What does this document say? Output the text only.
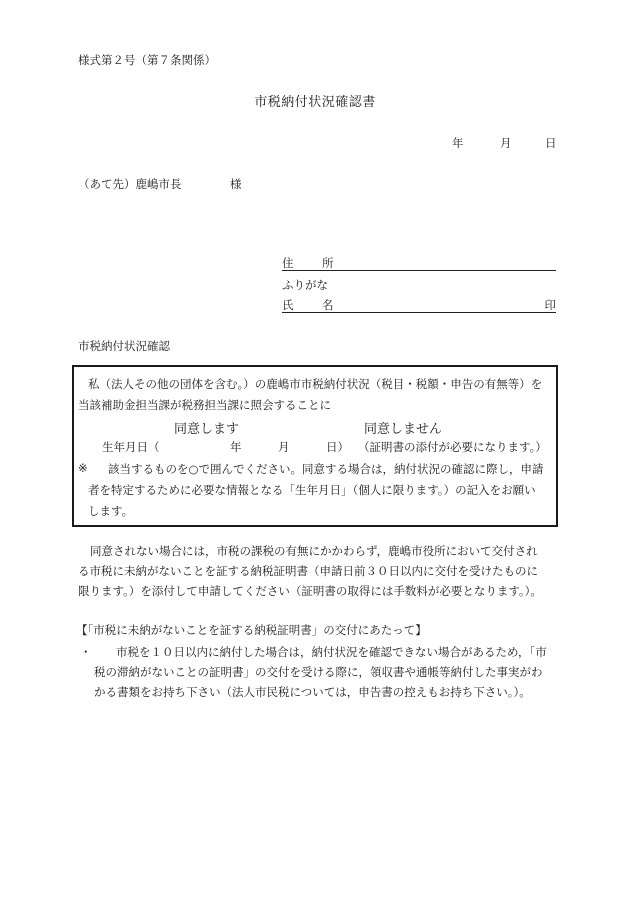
様式第２号（第７条関係）
市税納付状況確認書
年	月	日
（あて先）鹿嶋市長	様
住 所
ふりがな
氏 名	印
市税納付状況確認
私（法人その他の団体を含む。）の鹿嶋市市税納付状況（税目・税額・申告の有無等）を
当該補助金担当課が税務担当課に照会することに
同意します	同意しません
生年月日（	年	月	日） （証明書の添付が必要になります。）
※ 該当するものを○で囲んでください。同意する場合は，納付状況の確認に際し，申請
者を特定するために必要な情報となる「生年月日」（個人に限ります。）の記入をお願い
します。
同意されない場合には，市税の課税の有無にかかわらず，鹿嶋市役所において交付され
る市税に未納がないことを証する納税証明書（申請日前３０日以内に交付を受けたものに
限ります。）を添付して申請してください（証明書の取得には手数料が必要となります。）。
【「市税に未納がないことを証する納税証明書」の交付にあたって】
・ 市税を１０日以内に納付した場合は，納付状況を確認できない場合があるため，「市
税の滞納がないことの証明書」の交付を受ける際に，領収書や通帳等納付した事実がわ
かる書類をお持ち下さい（法人市民税については，申告書の控えもお持ち下さい。）。
